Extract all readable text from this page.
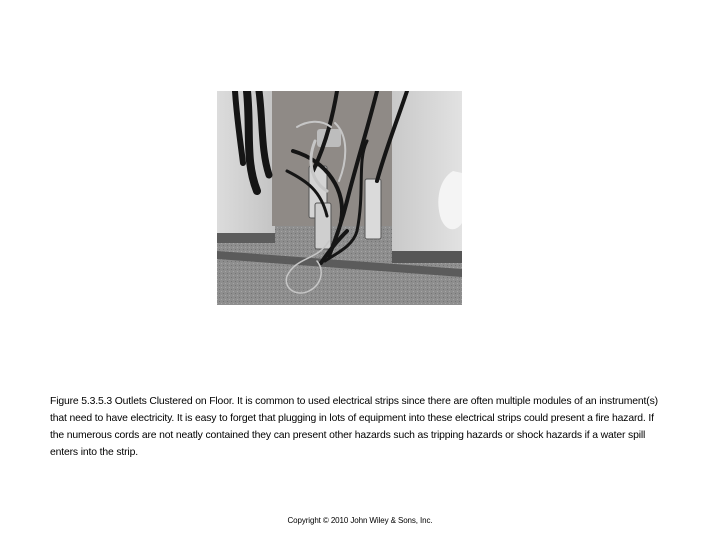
Figure 5.3.5.3 Outlets Clustered on Floor. It is common to used electrical strips since there are often multiple modules of an instrument(s) that need to have electricity. It is easy to forget that plugging in lots of equipment into these electrical strips could present a fire hazard. If the numerous cords are not neatly contained they can present other hazards such as tripping hazards or shock hazards if a water spill enters into the strip.
Copyright © 2010 John Wiley & Sons, Inc.
